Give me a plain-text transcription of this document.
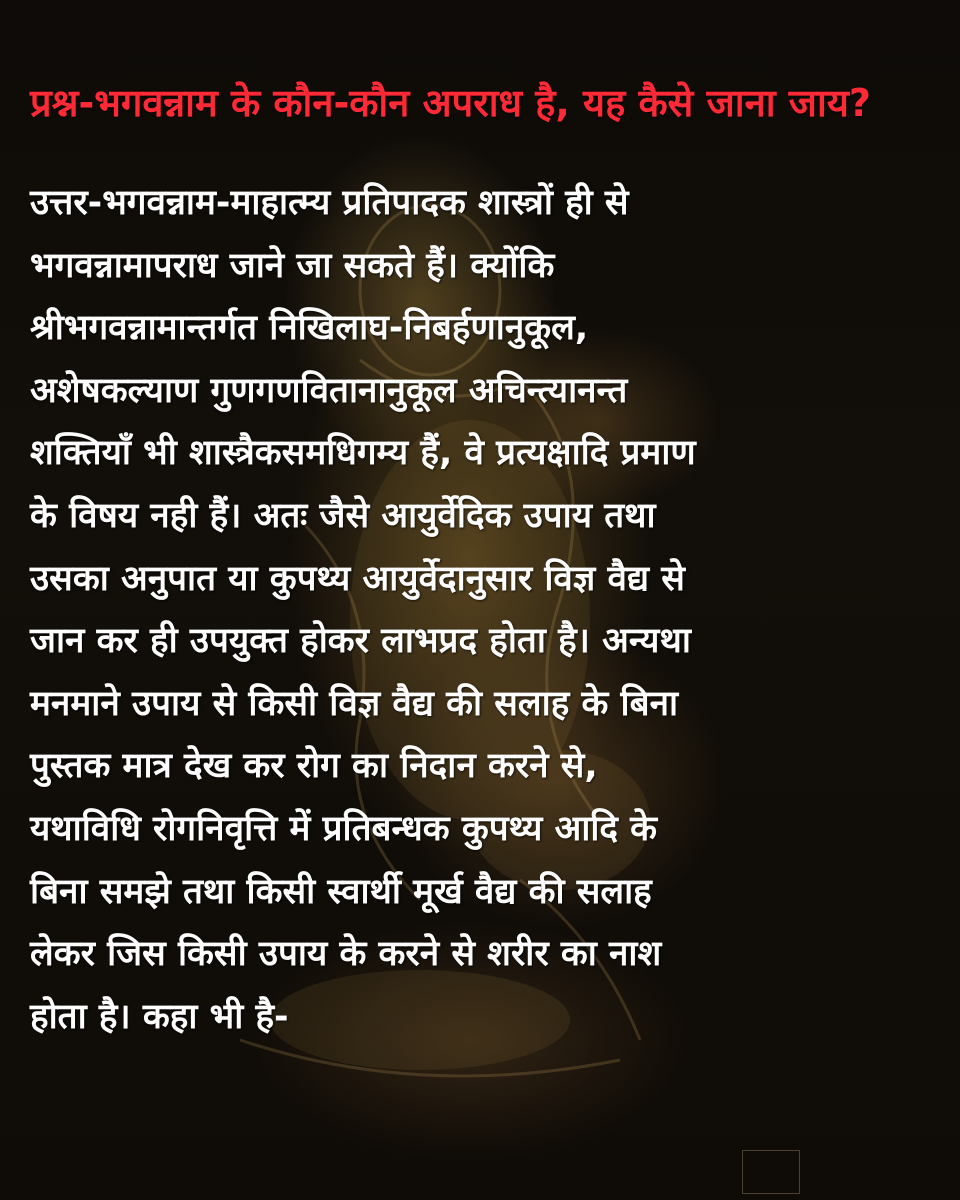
प्रश्न-भगवन्नाम के कौन-कौन अपराध है, यह कैसे जाना जाय?

उत्तर-भगवन्नाम-माहात्म्य प्रतिपादक शास्त्रों ही से
भगवन्नामापराध जाने जा सकते हैं। क्योंकि
श्रीभगवन्नामान्तर्गत निखिलाघ-निबर्हणानुकूल,
अशेषकल्याण गुणगणवितानानुकूल अचिन्त्यानन्त
शक्तियाँ भी शास्त्रैकसमधिगम्य हैं, वे प्रत्यक्षादि प्रमाण
के विषय नही हैं। अतः जैसे आयुर्वेदिक उपाय तथा
उसका अनुपात या कुपथ्य आयुर्वेदानुसार विज्ञ वैद्य से
जान कर ही उपयुक्त होकर लाभप्रद होता है। अन्यथा
मनमाने उपाय से किसी विज्ञ वैद्य की सलाह के बिना
पुस्तक मात्र देख कर रोग का निदान करने से,
यथाविधि रोगनिवृत्ति में प्रतिबन्धक कुपथ्य आदि के
बिना समझे तथा किसी स्वार्थी मूर्ख वैद्य की सलाह
लेकर जिस किसी उपाय के करने से शरीर का नाश
होता है। कहा भी है-
